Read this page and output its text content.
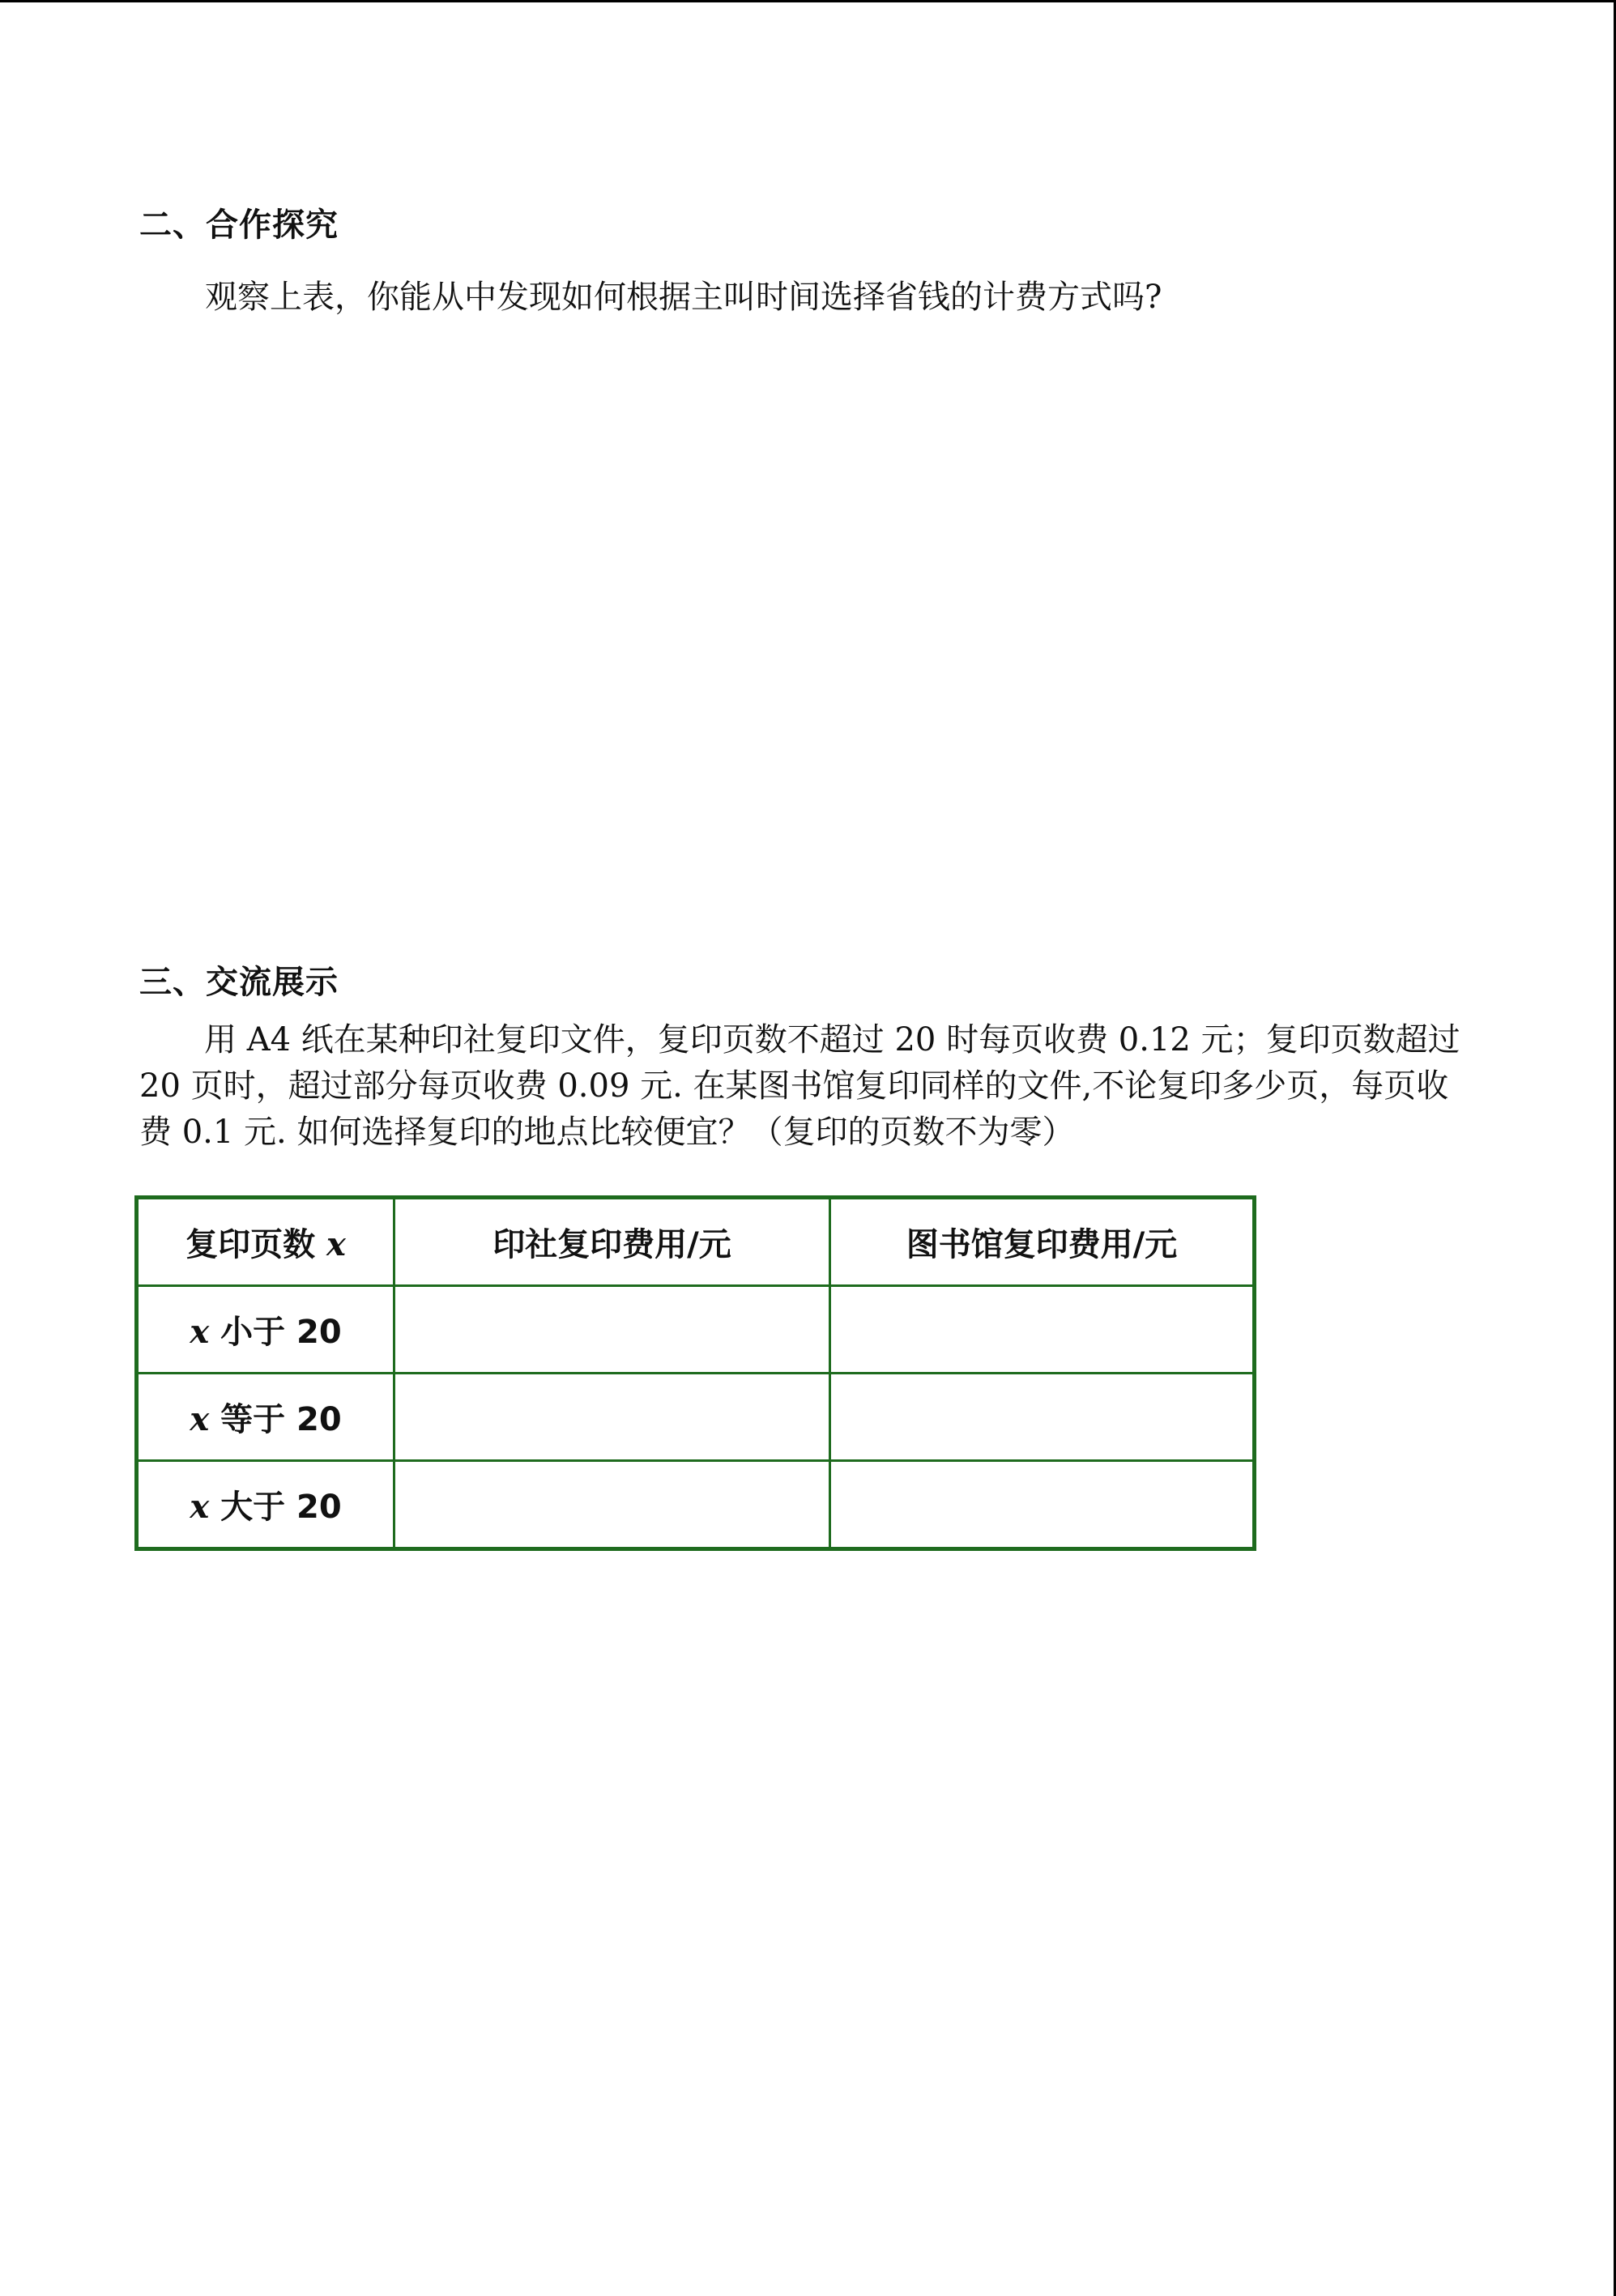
二、合作探究
观察上表，你能从中发现如何根据主叫时间选择省钱的计费方式吗?
三、交流展示
用 A4 纸在某种印社复印文件，复印页数不超过 20 时每页收费 0.12 元；复印页数超过 20 页时，超过部分每页收费 0.09 元. 在某图书馆复印同样的文件,不论复印多少页，每页收费 0.1 元. 如何选择复印的地点比较便宜？（复印的页数不为零）
复印页数 x	印社复印费用/元	图书馆复印费用/元
x 小于 20		
x 等于 20		
x 大于 20		
